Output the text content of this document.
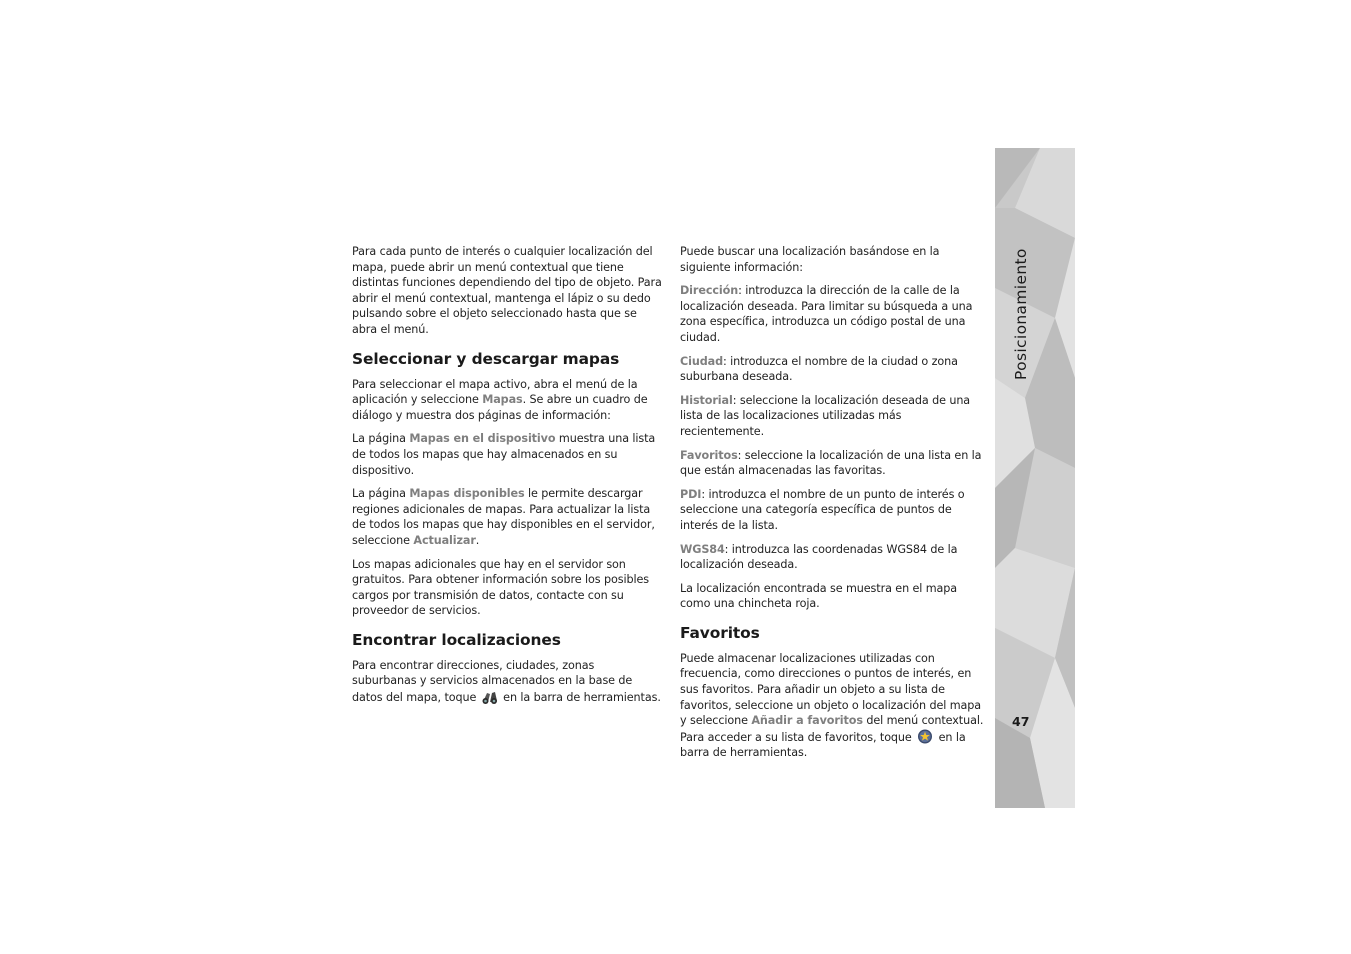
Posicionamiento
47

Para cada punto de interés o cualquier localización del mapa, puede abrir un menú contextual que tiene distintas funciones dependiendo del tipo de objeto. Para abrir el menú contextual, mantenga el lápiz o su dedo pulsando sobre el objeto seleccionado hasta que se abra el menú.

Seleccionar y descargar mapas

Para seleccionar el mapa activo, abra el menú de la aplicación y seleccione Mapas. Se abre un cuadro de diálogo y muestra dos páginas de información:

La página Mapas en el dispositivo muestra una lista de todos los mapas que hay almacenados en su dispositivo.

La página Mapas disponibles le permite descargar regiones adicionales de mapas. Para actualizar la lista de todos los mapas que hay disponibles en el servidor, seleccione Actualizar.

Los mapas adicionales que hay en el servidor son gratuitos. Para obtener información sobre los posibles cargos por transmisión de datos, contacte con su proveedor de servicios.

Encontrar localizaciones

Para encontrar direcciones, ciudades, zonas suburbanas y servicios almacenados en la base de datos del mapa, toque  en la barra de herramientas.

Puede buscar una localización basándose en la siguiente información:

Dirección: introduzca la dirección de la calle de la localización deseada. Para limitar su búsqueda a una zona específica, introduzca un código postal de una ciudad.

Ciudad: introduzca el nombre de la ciudad o zona suburbana deseada.

Historial: seleccione la localización deseada de una lista de las localizaciones utilizadas más recientemente.

Favoritos: seleccione la localización de una lista en la que están almacenadas las favoritas.

PDI: introduzca el nombre de un punto de interés o seleccione una categoría específica de puntos de interés de la lista.

WGS84: introduzca las coordenadas WGS84 de la localización deseada.

La localización encontrada se muestra en el mapa como una chincheta roja.

Favoritos

Puede almacenar localizaciones utilizadas con frecuencia, como direcciones o puntos de interés, en sus favoritos. Para añadir un objeto a su lista de favoritos, seleccione un objeto o localización del mapa y seleccione Añadir a favoritos del menú contextual. Para acceder a su lista de favoritos, toque  en la barra de herramientas.
